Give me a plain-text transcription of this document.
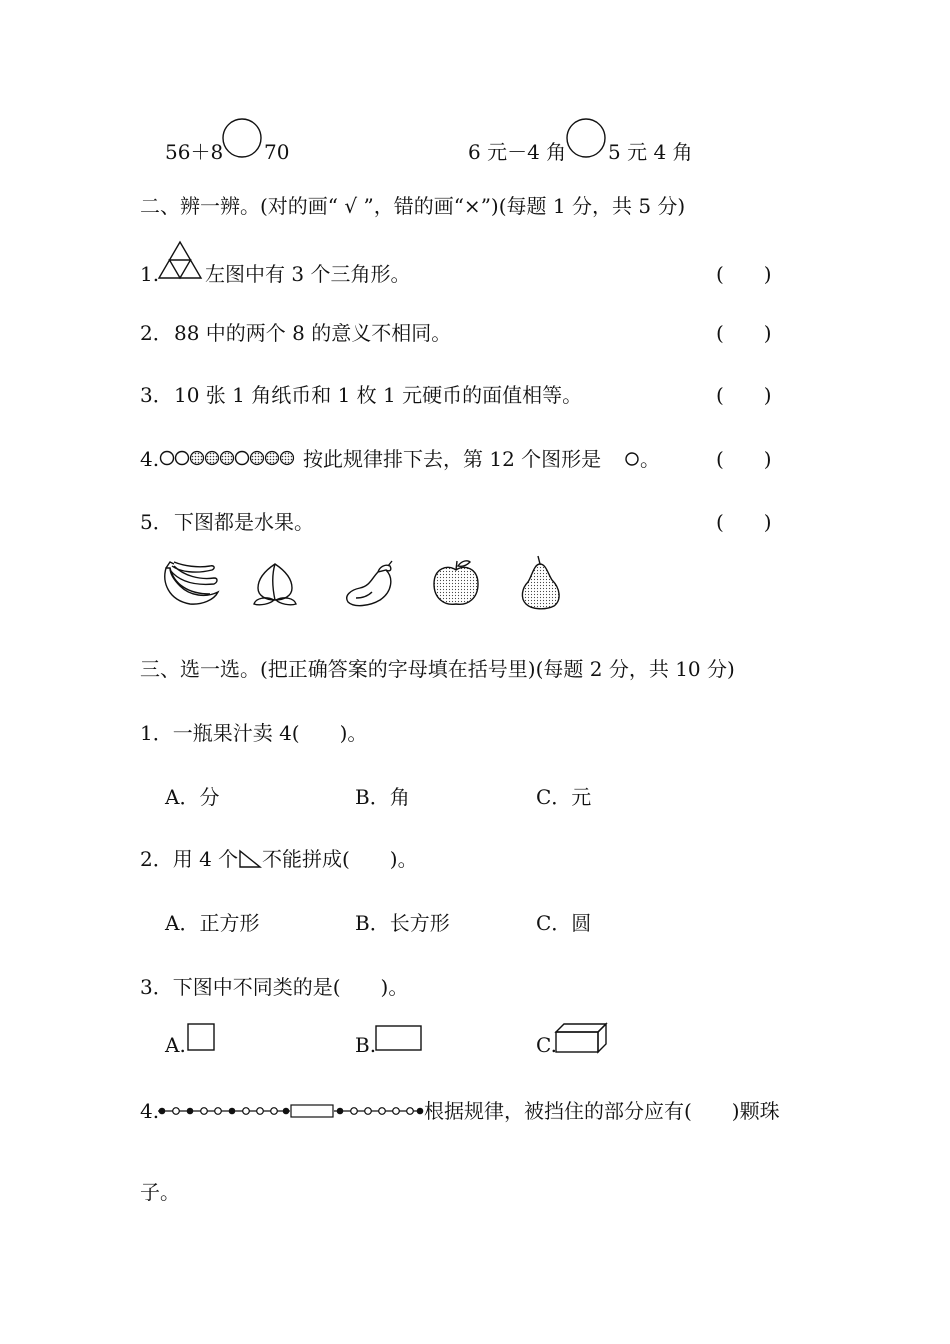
56＋8 70	6 元－4 角 5 元 4 角
二、辨一辨。(对的画“ √ ”，错的画“×”)(每题 1 分，共 5 分)
1. 左图中有 3 个三角形。	(　　)
2． 88 中的两个 8 的意义不相同。	(　　)
3． 10 张 1 角纸币和 1 枚 1 元硬币的面值相等。	(　　)
4.	按此规律排下去，第 12 个图形是 。	(　　)
5． 下图都是水果。	(　　)
三、选一选。(把正确答案的字母填在括号里)(每题 2 分，共 10 分)
1．一瓶果汁卖 4(　　)。
A．分	B．角	C．元
2．用 4 个 不能拼成(　　)。
A．正方形	B．长方形	C．圆
3．下图中不同类的是(　　)。
A.	B.	C.
4.	根据规律，被挡住的部分应有(　　)颗珠
子。
